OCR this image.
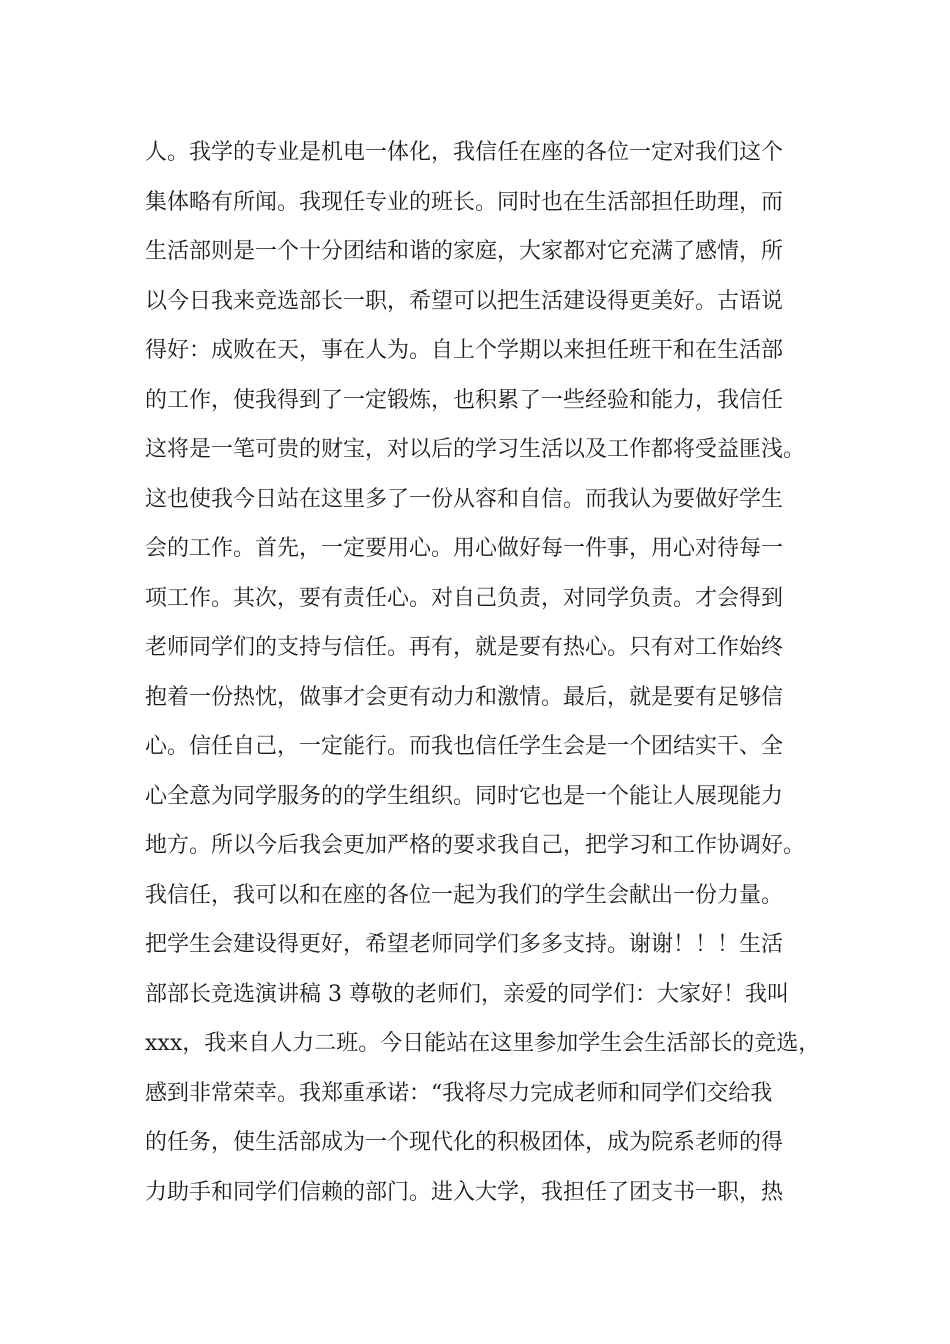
人。我学的专业是机电一体化，我信任在座的各位一定对我们这个
集体略有所闻。我现任专业的班长。同时也在生活部担任助理，而
生活部则是一个十分团结和谐的家庭，大家都对它充满了感情，所
以今日我来竞选部长一职，希望可以把生活建设得更美好。古语说
得好：成败在天，事在人为。自上个学期以来担任班干和在生活部
的工作，使我得到了一定锻炼，也积累了一些经验和能力，我信任
这将是一笔可贵的财宝，对以后的学习生活以及工作都将受益匪浅。
这也使我今日站在这里多了一份从容和自信。而我认为要做好学生
会的工作。首先，一定要用心。用心做好每一件事，用心对待每一
项工作。其次，要有责任心。对自己负责，对同学负责。才会得到
老师同学们的支持与信任。再有，就是要有热心。只有对工作始终
抱着一份热忱，做事才会更有动力和激情。最后，就是要有足够信
心。信任自己，一定能行。而我也信任学生会是一个团结实干、全
心全意为同学服务的的学生组织。同时它也是一个能让人展现能力
地方。所以今后我会更加严格的要求我自己，把学习和工作协调好。
我信任，我可以和在座的各位一起为我们的学生会献出一份力量。
把学生会建设得更好，希望老师同学们多多支持。谢谢！！！生活
部部长竞选演讲稿 3 尊敬的老师们，亲爱的同学们：大家好！我叫
xxx，我来自人力二班。今日能站在这里参加学生会生活部长的竞选，
感到非常荣幸。我郑重承诺：“我将尽力完成老师和同学们交给我
的任务，使生活部成为一个现代化的积极团体，成为院系老师的得
力助手和同学们信赖的部门。进入大学，我担任了团支书一职，热
